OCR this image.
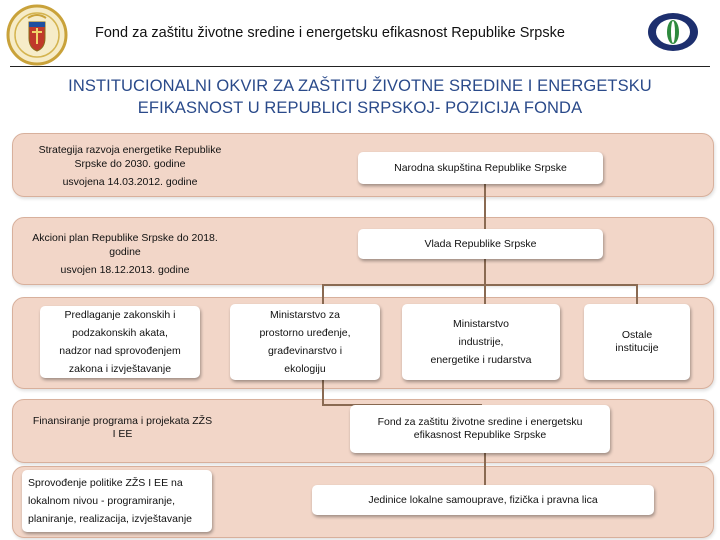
Fond za zaštitu životne sredine i energetsku efikasnost Republike Srpske
INSTITUCIONALNI OKVIR ZA ZAŠTITU ŽIVOTNE SREDINE I ENERGETSKU
EFIKASNOST U REPUBLICI SRPSKOJ- POZICIJA FONDA
Strategija razvoja energetike Republike
Srpske do 2030. godine
usvojena 14.03.2012. godine
Narodna skupština Republike Srpske
Akcioni plan Republike Srpske do 2018.
godine
usvojen 18.12.2013. godine
Vlada Republike Srpske
Predlaganje zakonskih i
podzakonskih akata,
nadzor nad sprovođenjem
zakona i izvještavanje
Ministarstvo za
prostorno uređenje,
građevinarstvo i
ekologiju
Ministarstvo
industrije,
energetike i rudarstva
Ostale
institucije
Finansiranje programa i projekata ZŽS
I EE
Fond za zaštitu životne sredine i energetsku
efikasnost Republike Srpske
Sprovođenje politike ZŽS I EE na
lokalnom nivou - programiranje,
planiranje, realizacija, izvještavanje
Jedinice lokalne samouprave, fizička i pravna lica
